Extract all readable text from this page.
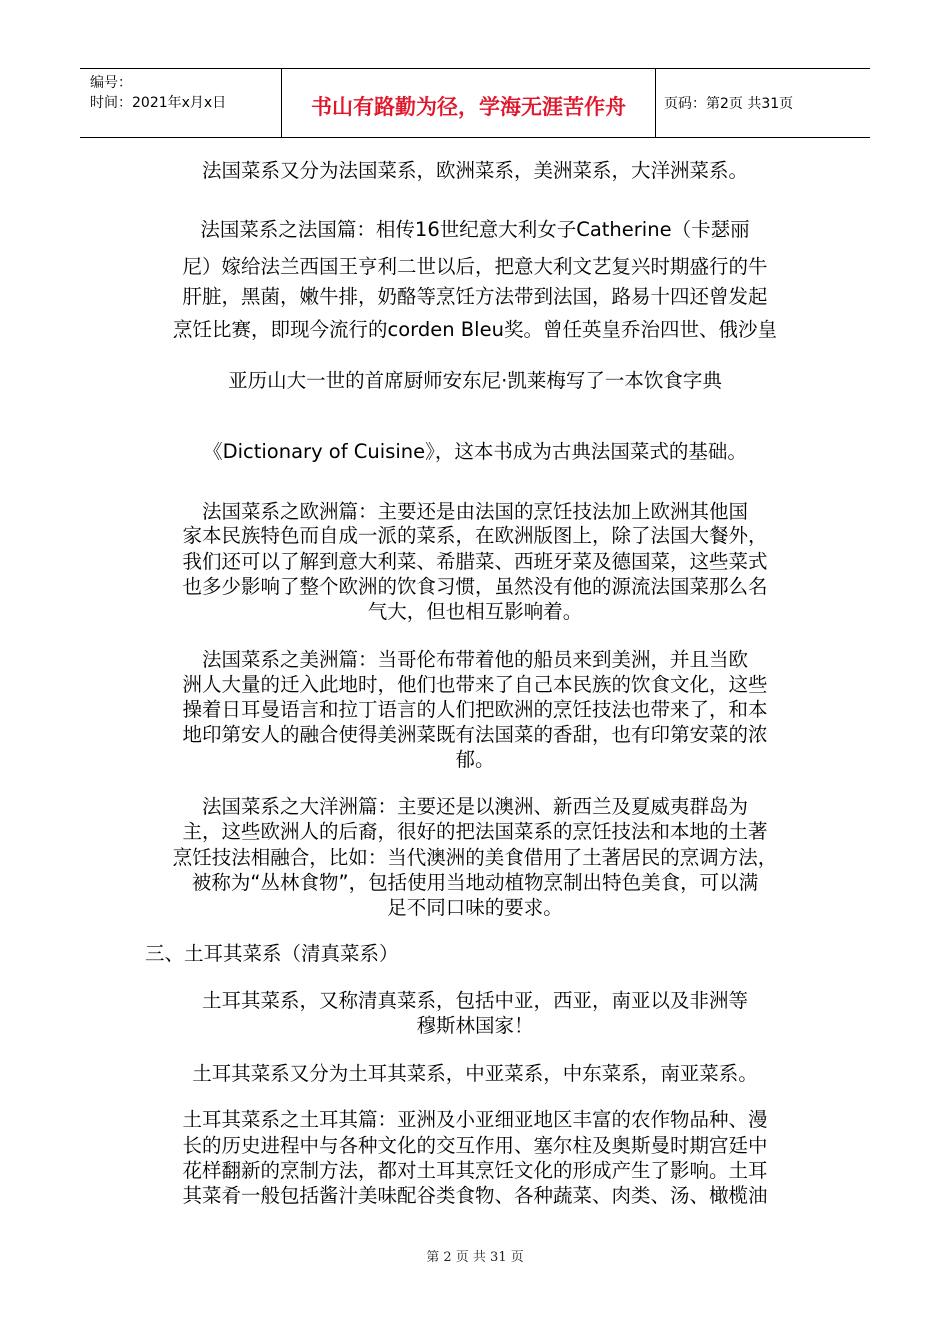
编号：
时间：2021年x月x日	书山有路勤为径，学海无涯苦作舟	页码：第2页 共31页
法国菜系又分为法国菜系，欧洲菜系，美洲菜系，大洋洲菜系。
法国菜系之法国篇：相传16世纪意大利女子Catherine（卡瑟丽
尼）嫁给法兰西国王亨利二世以后，把意大利文艺复兴时期盛行的牛
肝脏，黑菌，嫩牛排，奶酪等烹饪方法带到法国，路易十四还曾发起
烹饪比赛，即现今流行的corden Bleu奖。曾任英皇乔治四世、俄沙皇
亚历山大一世的首席厨师安东尼·凯莱梅写了一本饮食字典
《Dictionary of Cuisine》，这本书成为古典法国菜式的基础。
法国菜系之欧洲篇：主要还是由法国的烹饪技法加上欧洲其他国
家本民族特色而自成一派的菜系，在欧洲版图上，除了法国大餐外，
我们还可以了解到意大利菜、希腊菜、西班牙菜及德国菜，这些菜式
也多少影响了整个欧洲的饮食习惯，虽然没有他的源流法国菜那么名
气大，但也相互影响着。
法国菜系之美洲篇：当哥伦布带着他的船员来到美洲，并且当欧
洲人大量的迁入此地时，他们也带来了自己本民族的饮食文化，这些
操着日耳曼语言和拉丁语言的人们把欧洲的烹饪技法也带来了，和本
地印第安人的融合使得美洲菜既有法国菜的香甜，也有印第安菜的浓
郁。
法国菜系之大洋洲篇：主要还是以澳洲、新西兰及夏威夷群岛为
主，这些欧洲人的后裔，很好的把法国菜系的烹饪技法和本地的土著
烹饪技法相融合，比如：当代澳洲的美食借用了土著居民的烹调方法，
被称为“丛林食物”，包括使用当地动植物烹制出特色美食，可以满
足不同口味的要求。
三、土耳其菜系（清真菜系）
土耳其菜系，又称清真菜系，包括中亚，西亚，南亚以及非洲等
穆斯林国家！
土耳其菜系又分为土耳其菜系，中亚菜系，中东菜系，南亚菜系。
土耳其菜系之土耳其篇：亚洲及小亚细亚地区丰富的农作物品种、漫
长的历史进程中与各种文化的交互作用、塞尔柱及奥斯曼时期宫廷中
花样翻新的烹制方法，都对土耳其烹饪文化的形成产生了影响。土耳
其菜肴一般包括酱汁美味配谷类食物、各种蔬菜、肉类、汤、橄榄油
第 2 页 共 31 页
